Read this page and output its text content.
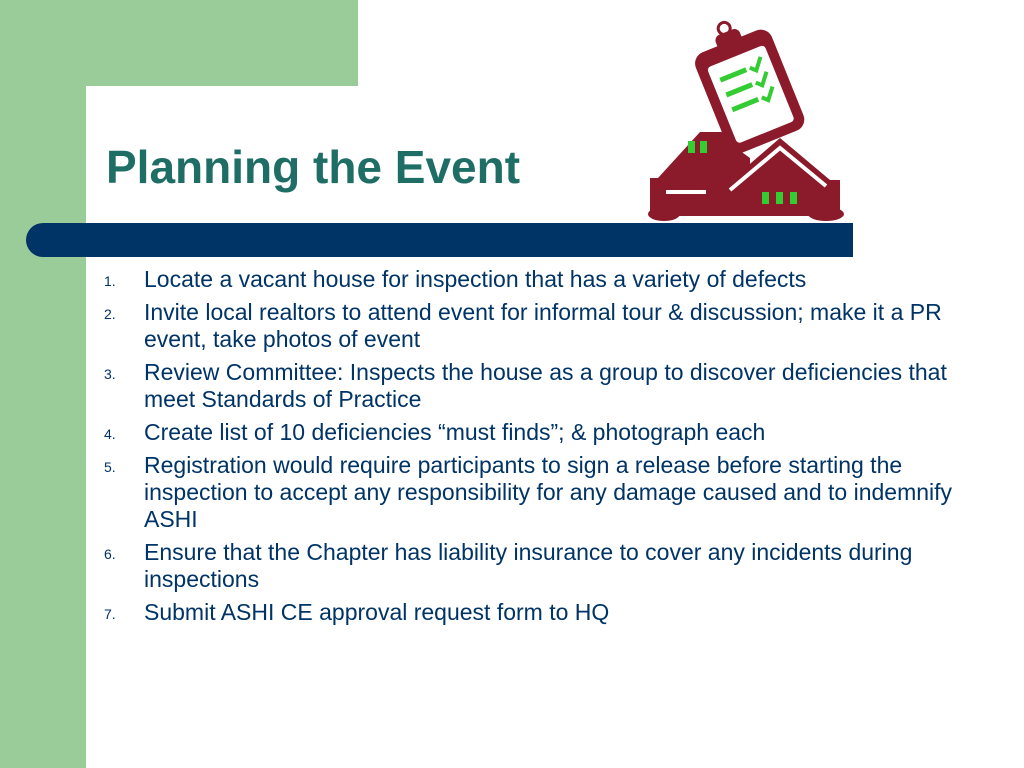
Planning the Event
1.	Locate a vacant house for inspection that has a variety of defects
2.	Invite local realtors to attend event for informal tour & discussion; make it a PR event, take photos of event
3.	Review Committee: Inspects the house as a group to discover deficiencies that meet Standards of Practice
4.	Create list of 10 deficiencies “must finds”; & photograph each
5.	Registration would require participants to sign a release before starting the inspection to accept any responsibility for any damage caused and to indemnify ASHI
6.	Ensure that the Chapter has liability insurance to cover any incidents during inspections
7.	Submit ASHI CE approval request form to HQ
